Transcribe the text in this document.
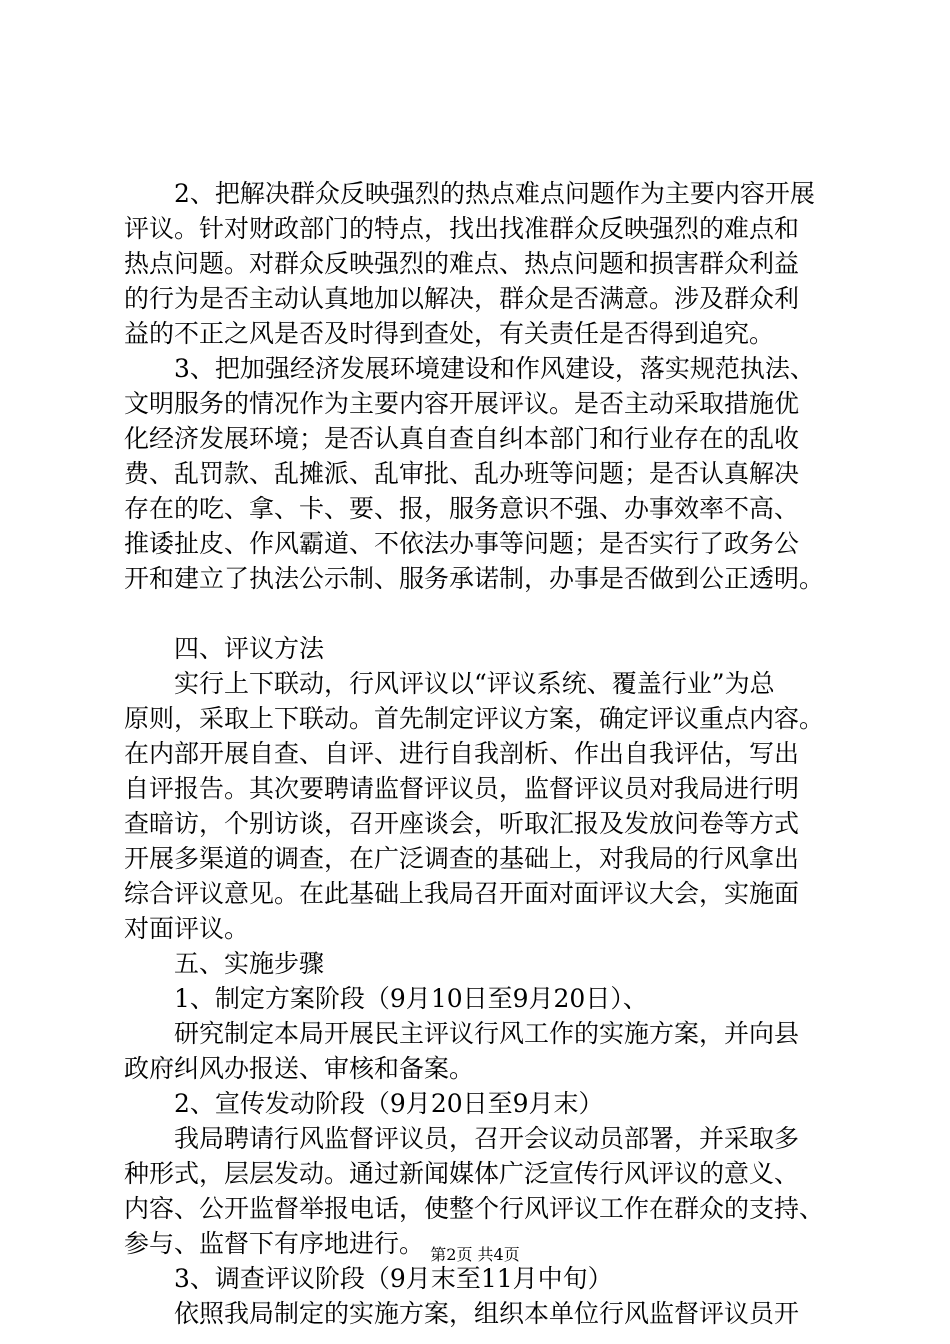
　　2、把解决群众反映强烈的热点难点问题作为主要内容开展
评议。针对财政部门的特点，找出找准群众反映强烈的难点和
热点问题。对群众反映强烈的难点、热点问题和损害群众利益
的行为是否主动认真地加以解决，群众是否满意。涉及群众利
益的不正之风是否及时得到查处，有关责任是否得到追究。
　　3、把加强经济发展环境建设和作风建设，落实规范执法、
文明服务的情况作为主要内容开展评议。是否主动采取措施优
化经济发展环境；是否认真自查自纠本部门和行业存在的乱收
费、乱罚款、乱摊派、乱审批、乱办班等问题；是否认真解决
存在的吃、拿、卡、要、报，服务意识不强、办事效率不高、
推诿扯皮、作风霸道、不依法办事等问题；是否实行了政务公
开和建立了执法公示制、服务承诺制，办事是否做到公正透明。
　　四、评议方法
　　实行上下联动，行风评议以“评议系统、覆盖行业”为总
原则，采取上下联动。首先制定评议方案，确定评议重点内容。
在内部开展自查、自评、进行自我剖析、作出自我评估，写出
自评报告。其次要聘请监督评议员，监督评议员对我局进行明
查暗访，个别访谈，召开座谈会，听取汇报及发放问卷等方式
开展多渠道的调查，在广泛调查的基础上，对我局的行风拿出
综合评议意见。在此基础上我局召开面对面评议大会，实施面
对面评议。
　　五、实施步骤
　　1、制定方案阶段（9月10日至9月20日）、
　　研究制定本局开展民主评议行风工作的实施方案，并向县
政府纠风办报送、审核和备案。
　　2、宣传发动阶段（9月20日至9月末）
　　我局聘请行风监督评议员，召开会议动员部署，并采取多
种形式，层层发动。通过新闻媒体广泛宣传行风评议的意义、
内容、公开监督举报电话，使整个行风评议工作在群众的支持、
参与、监督下有序地进行。
　　3、调查评议阶段（9月末至11月中旬）
　　依照我局制定的实施方案，组织本单位行风监督评议员开
第2页 共4页
